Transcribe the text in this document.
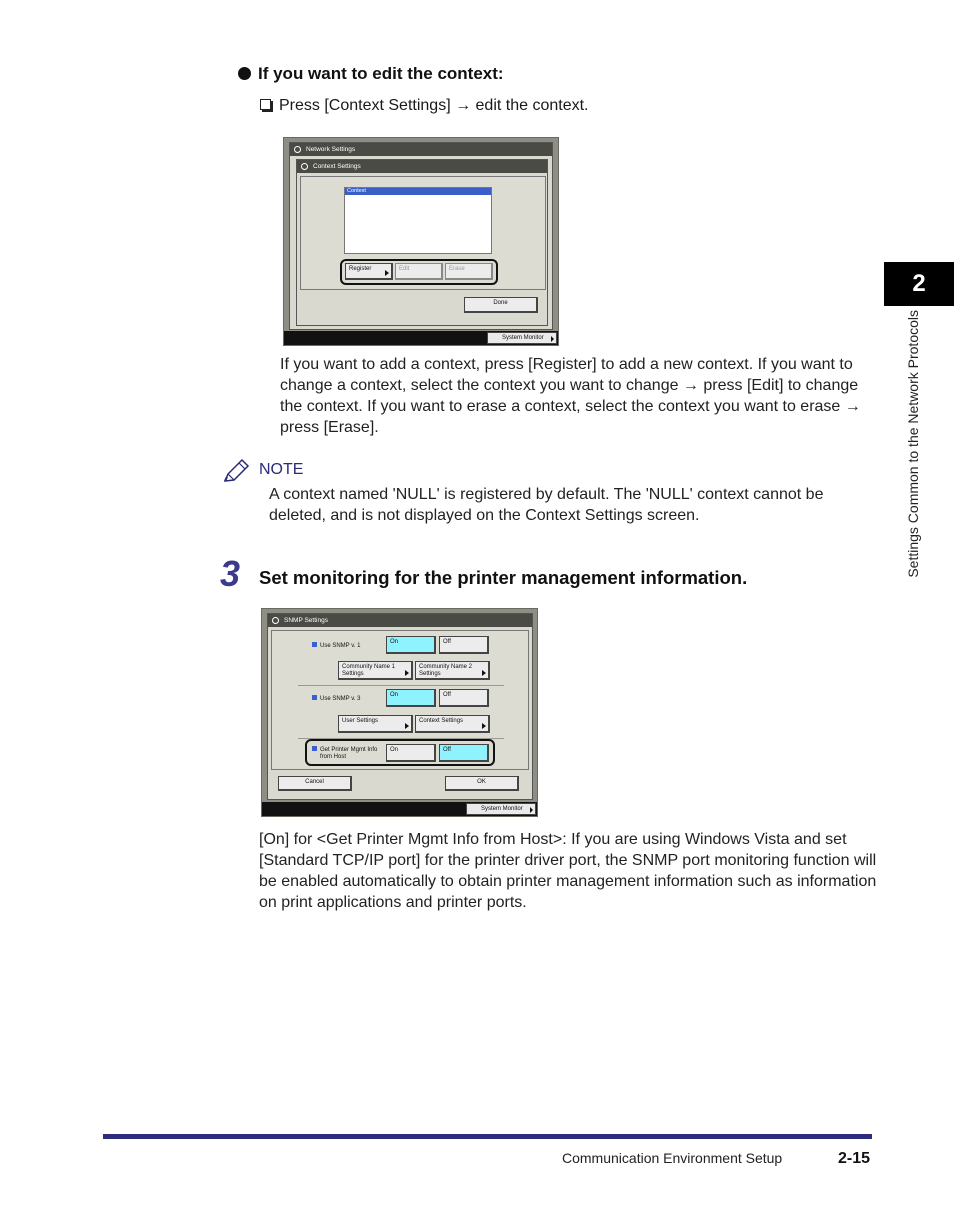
If you want to edit the context:
Press [Context Settings] → edit the context.
Network Settings
Context Settings
Context
Register	Edit	Erase
Done
System Monitor
If you want to add a context, press [Register] to add a new context. If you want to change a context, select the context you want to change → press [Edit] to change the context. If you want to erase a context, select the context you want to erase → press [Erase].
NOTE
A context named 'NULL' is registered by default. The 'NULL' context cannot be deleted, and is not displayed on the Context Settings screen.
3 Set monitoring for the printer management information.
SNMP Settings
Use SNMP v. 1
On	Off
Community Name 1
Settings
Community Name 2
Settings
Use SNMP v. 3
On	Off
User Settings	Context Settings
Get Printer Mgmt Info
from Host
On	Off
Cancel	OK
System Monitor
[On] for <Get Printer Mgmt Info from Host>: If you are using Windows Vista and set [Standard TCP/IP port] for the printer driver port, the SNMP port monitoring function will be enabled automatically to obtain printer management information such as information on print applications and printer ports.
2
Settings Common to the Network Protocols
Communication Environment Setup	2-15
